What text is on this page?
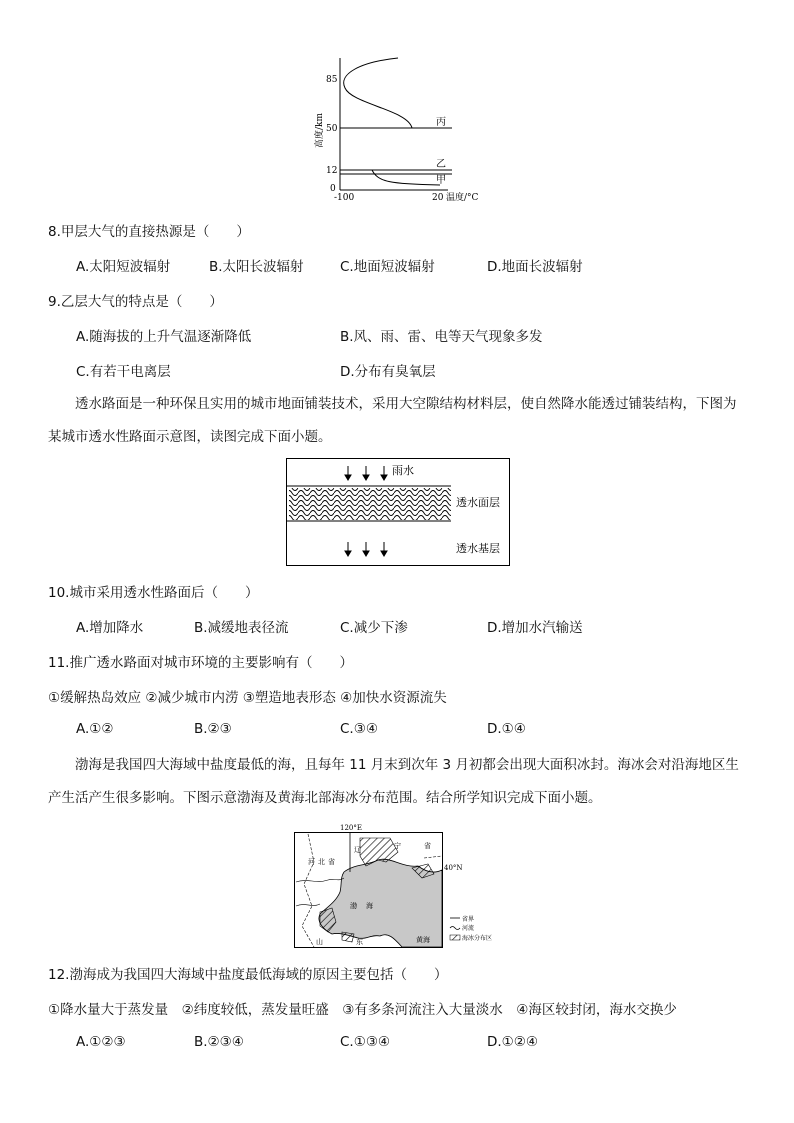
85
50
12
0
高度/km
-100	20 温度/°C
丙
乙
甲
8.甲层大气的直接热源是（　　）
A.太阳短波辐射	B.太阳长波辐射	C.地面短波辐射	D.地面长波辐射
9.乙层大气的特点是（　　）
A.随海拔的上升气温逐渐降低	B.风、雨、雷、电等天气现象多发
C.有若干电离层	D.分布有臭氧层
透水路面是一种环保且实用的城市地面铺装技术，采用大空隙结构材料层，使自然降水能透过铺装结构，下图为某城市透水性路面示意图，读图完成下面小题。
雨水
透水面层
透水基层
10.城市采用透水性路面后（　　）
A.增加降水	B.减缓地表径流	C.减少下渗	D.增加水汽输送
11.推广透水路面对城市环境的主要影响有（　　）
①缓解热岛效应 ②减少城市内涝 ③塑造地表形态 ④加快水资源流失
A.①②	B.②③	C.③④	D.①④
渤海是我国四大海域中盐度最低的海，且每年 11 月末到次年 3 月初都会出现大面积冰封。海冰会对沿海地区生产生活产生很多影响。下图示意渤海及黄海北部海冰分布范围。结合所学知识完成下面小题。
120°E
辽	宁	省
河 北 省
渤 海
山	东	黄海
40°N
省界
河流
海冰分布区
12.渤海成为我国四大海域中盐度最低海域的原因主要包括（　　）
①降水量大于蒸发量　②纬度较低，蒸发量旺盛　③有多条河流注入大量淡水　④海区较封闭，海水交换少
A.①②③	B.②③④	C.①③④	D.①②④
